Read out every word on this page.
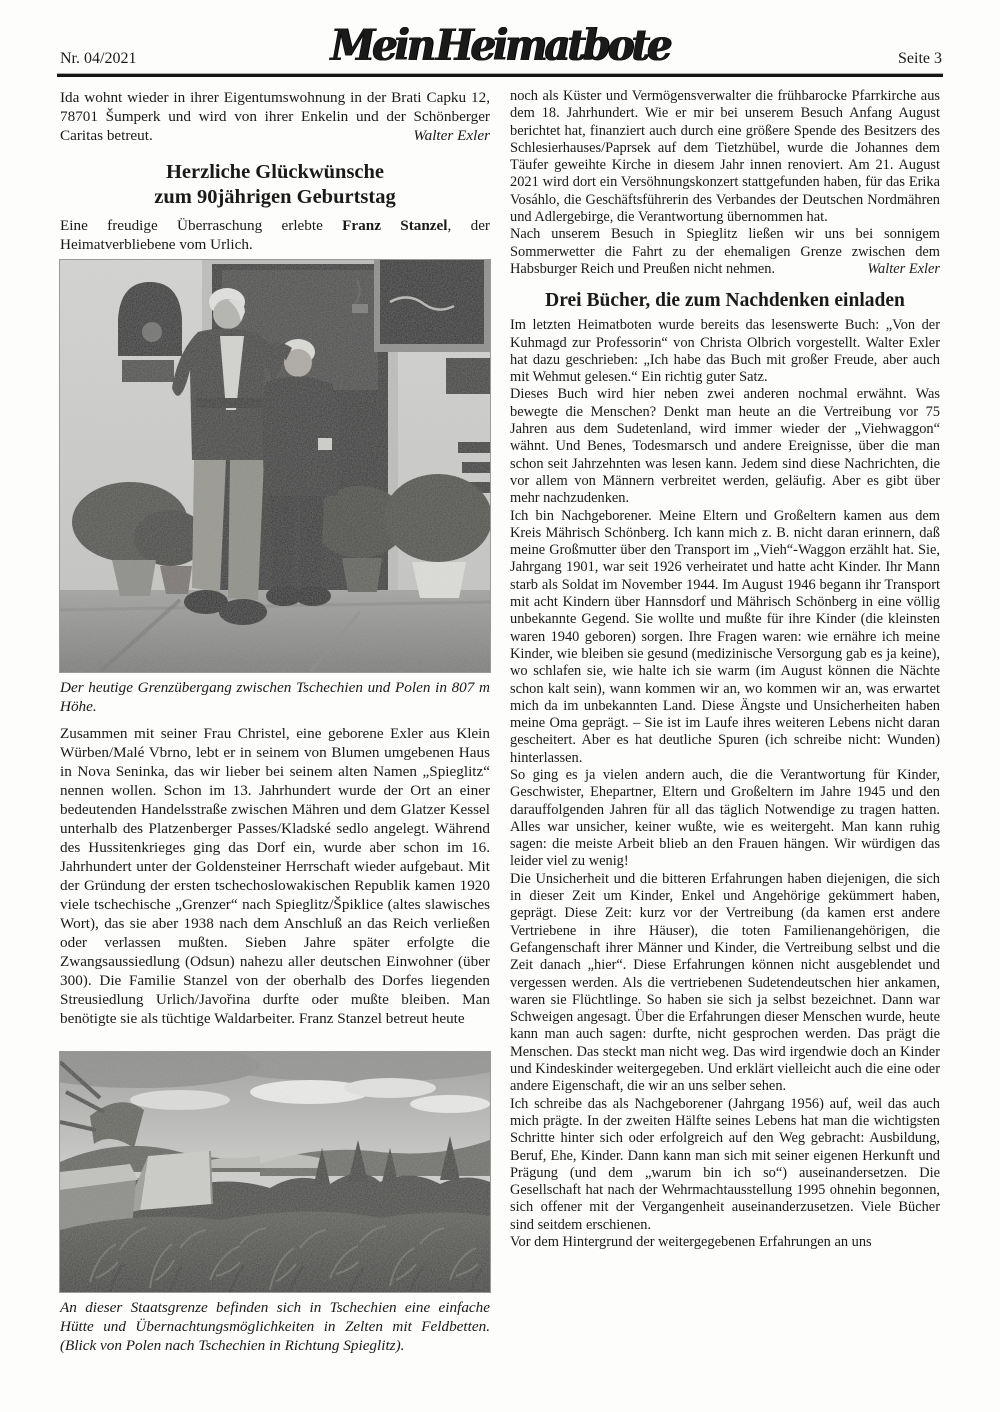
Nr. 04/2021	Mein Heimatbote	Seite 3

Ida wohnt wieder in ihrer Eigentumswohnung in der Brati Capku 12, 78701 Šumperk und wird von ihrer Enkelin und der Schönberger Caritas betreut.	Walter Exler

Herzliche Glückwünsche
zum 90jährigen Geburtstag

Eine freudige Überraschung erlebte Franz Stanzel, der Heimatverbliebene vom Urlich.

Der heutige Grenzübergang zwischen Tschechien und Polen in 807 m Höhe.

Zusammen mit seiner Frau Christel, eine geborene Exler aus Klein Würben/Malé Vbrno, lebt er in seinem von Blumen umgebenen Haus in Nova Seninka, das wir lieber bei seinem alten Namen „Spieglitz“ nennen wollen. Schon im 13. Jahrhundert wurde der Ort an einer bedeutenden Handelsstraße zwischen Mähren und dem Glatzer Kessel unterhalb des Platzenberger Passes/Kladské sedlo angelegt. Während des Hussitenkrieges ging das Dorf ein, wurde aber schon im 16. Jahrhundert unter der Goldensteiner Herrschaft wieder aufgebaut. Mit der Gründung der ersten tschechoslowakischen Republik kamen 1920 viele tschechische „Grenzer“ nach Spieglitz/Špiklice (altes slawisches Wort), das sie aber 1938 nach dem Anschluß an das Reich verließen oder verlassen mußten. Sieben Jahre später erfolgte die Zwangsaussiedlung (Odsun) nahezu aller deutschen Einwohner (über 300). Die Familie Stanzel von der oberhalb des Dorfes liegenden Streusiedlung Urlich/Javořina durfte oder mußte bleiben. Man benötigte sie als tüchtige Waldarbeiter. Franz Stanzel betreut heute

An dieser Staatsgrenze befinden sich in Tschechien eine einfache Hütte und Übernachtungsmöglichkeiten in Zelten mit Feldbetten. (Blick von Polen nach Tschechien in Richtung Spieglitz).

noch als Küster und Vermögensverwalter die frühbarocke Pfarrkirche aus dem 18. Jahrhundert. Wie er mir bei unserem Besuch Anfang August berichtet hat, finanziert auch durch eine größere Spende des Besitzers des Schlesierhauses/Paprsek auf dem Tietzhübel, wurde die Johannes dem Täufer geweihte Kirche in diesem Jahr innen renoviert. Am 21. August 2021 wird dort ein Versöhnungskonzert stattgefunden haben, für das Erika Vosáhlo, die Geschäftsführerin des Verbandes der Deutschen Nordmähren und Adlergebirge, die Verantwortung übernommen hat.

Nach unserem Besuch in Spieglitz ließen wir uns bei sonnigem Sommerwetter die Fahrt zu der ehemaligen Grenze zwischen dem Habsburger Reich und Preußen nicht nehmen.	Walter Exler

Drei Bücher, die zum Nachdenken einladen

Im letzten Heimatboten wurde bereits das lesenswerte Buch: „Von der Kuhmagd zur Professorin“ von Christa Olbrich vorgestellt. Walter Exler hat dazu geschrieben: „Ich habe das Buch mit großer Freude, aber auch mit Wehmut gelesen.“ Ein richtig guter Satz.

Dieses Buch wird hier neben zwei anderen nochmal erwähnt. Was bewegte die Menschen? Denkt man heute an die Vertreibung vor 75 Jahren aus dem Sudetenland, wird immer wieder der „Viehwaggon“ wähnt. Und Benes, Todesmarsch und andere Ereignisse, über die man schon seit Jahrzehnten was lesen kann. Jedem sind diese Nachrichten, die vor allem von Männern verbreitet werden, geläufig. Aber es gibt über mehr nachzudenken.

Ich bin Nachgeborener. Meine Eltern und Großeltern kamen aus dem Kreis Mährisch Schönberg. Ich kann mich z. B. nicht daran erinnern, daß meine Großmutter über den Transport im „Vieh“-Waggon erzählt hat. Sie, Jahrgang 1901, war seit 1926 verheiratet und hatte acht Kinder. Ihr Mann starb als Soldat im November 1944. Im August 1946 begann ihr Transport mit acht Kindern über Hannsdorf und Mährisch Schönberg in eine völlig unbekannte Gegend. Sie wollte und mußte für ihre Kinder (die kleinsten waren 1940 geboren) sorgen. Ihre Fragen waren: wie ernähre ich meine Kinder, wie bleiben sie gesund (medizinische Versorgung gab es ja keine), wo schlafen sie, wie halte ich sie warm (im August können die Nächte schon kalt sein), wann kommen wir an, wo kommen wir an, was erwartet mich da im unbekannten Land. Diese Ängste und Unsicherheiten haben meine Oma geprägt. – Sie ist im Laufe ihres weiteren Lebens nicht daran gescheitert. Aber es hat deutliche Spuren (ich schreibe nicht: Wunden) hinterlassen.

So ging es ja vielen andern auch, die die Verantwortung für Kinder, Geschwister, Ehepartner, Eltern und Großeltern im Jahre 1945 und den darauffolgenden Jahren für all das täglich Notwendige zu tragen hatten. Alles war unsicher, keiner wußte, wie es weitergeht. Man kann ruhig sagen: die meiste Arbeit blieb an den Frauen hängen. Wir würdigen das leider viel zu wenig!

Die Unsicherheit und die bitteren Erfahrungen haben diejenigen, die sich in dieser Zeit um Kinder, Enkel und Angehörige gekümmert haben, geprägt. Diese Zeit: kurz vor der Vertreibung (da kamen erst andere Vertriebene in ihre Häuser), die toten Familienangehörigen, die Gefangenschaft ihrer Männer und Kinder, die Vertreibung selbst und die Zeit danach „hier“. Diese Erfahrungen können nicht ausgeblendet und vergessen werden. Als die vertriebenen Sudetendeutschen hier ankamen, waren sie Flüchtlinge. So haben sie sich ja selbst bezeichnet. Dann war Schweigen angesagt. Über die Erfahrungen dieser Menschen wurde, heute kann man auch sagen: durfte, nicht gesprochen werden. Das prägt die Menschen. Das steckt man nicht weg. Das wird irgendwie doch an Kinder und Kindeskinder weitergegeben. Und erklärt vielleicht auch die eine oder andere Eigenschaft, die wir an uns selber sehen.

Ich schreibe das als Nachgeborener (Jahrgang 1956) auf, weil das auch mich prägte. In der zweiten Hälfte seines Lebens hat man die wichtigsten Schritte hinter sich oder erfolgreich auf den Weg gebracht: Ausbildung, Beruf, Ehe, Kinder. Dann kann man sich mit seiner eigenen Herkunft und Prägung (und dem „warum bin ich so“) auseinandersetzen. Die Gesellschaft hat nach der Wehrmachtausstellung 1995 ohnehin begonnen, sich offener mit der Vergangenheit auseinanderzusetzen. Viele Bücher sind seitdem erschienen.

Vor dem Hintergrund der weitergegebenen Erfahrungen an uns
